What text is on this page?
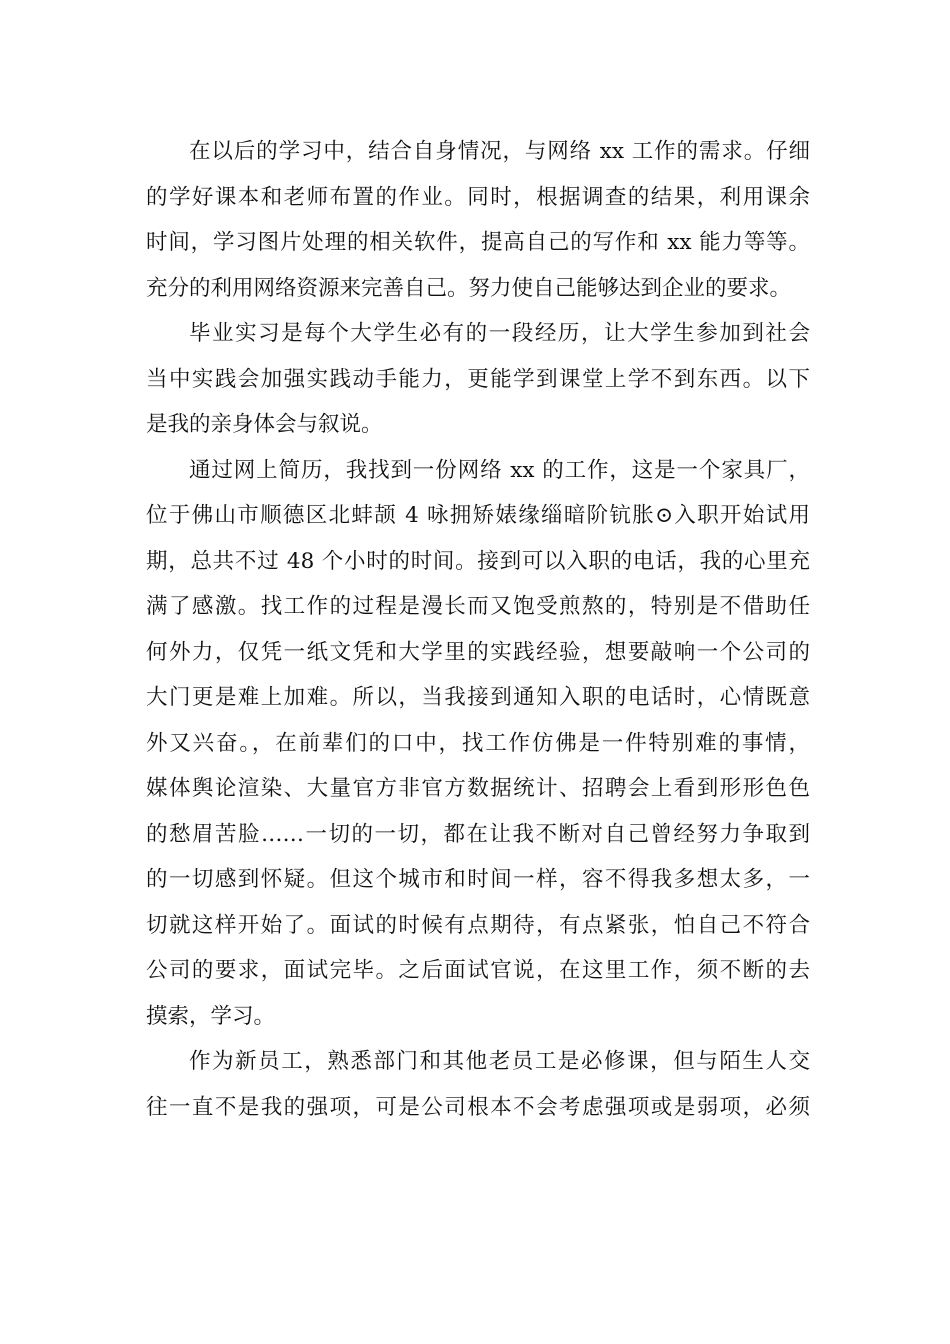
在以后的学习中，结合自身情况，与网络 xx 工作的需求。仔细
的学好课本和老师布置的作业。同时，根据调查的结果，利用课余
时间，学习图片处理的相关软件，提高自己的写作和 xx 能力等等。
充分的利用网络资源来完善自己。努力使自己能够达到企业的要求。
毕业实习是每个大学生必有的一段经历，让大学生参加到社会
当中实践会加强实践动手能力，更能学到课堂上学不到东西。以下
是我的亲身体会与叙说。
通过网上简历，我找到一份网络 xx 的工作，这是一个家具厂，
位于佛山市顺德区北蚌颉 4 咏拥矫婊缘缁暗阶钪胀⊙入职开始试用
期，总共不过 48 个小时的时间。接到可以入职的电话，我的心里充
满了感激。找工作的过程是漫长而又饱受煎熬的，特别是不借助任
何外力，仅凭一纸文凭和大学里的实践经验，想要敲响一个公司的
大门更是难上加难。所以，当我接到通知入职的电话时，心情既意
外又兴奋。，在前辈们的口中，找工作仿佛是一件特别难的事情，
媒体舆论渲染、大量官方非官方数据统计、招聘会上看到形形色色
的愁眉苦脸……一切的一切，都在让我不断对自己曾经努力争取到
的一切感到怀疑。但这个城市和时间一样，容不得我多想太多，一
切就这样开始了。面试的时候有点期待，有点紧张，怕自己不符合
公司的要求，面试完毕。之后面试官说，在这里工作，须不断的去
摸索，学习。
作为新员工，熟悉部门和其他老员工是必修课，但与陌生人交
往一直不是我的强项，可是公司根本不会考虑强项或是弱项，必须
